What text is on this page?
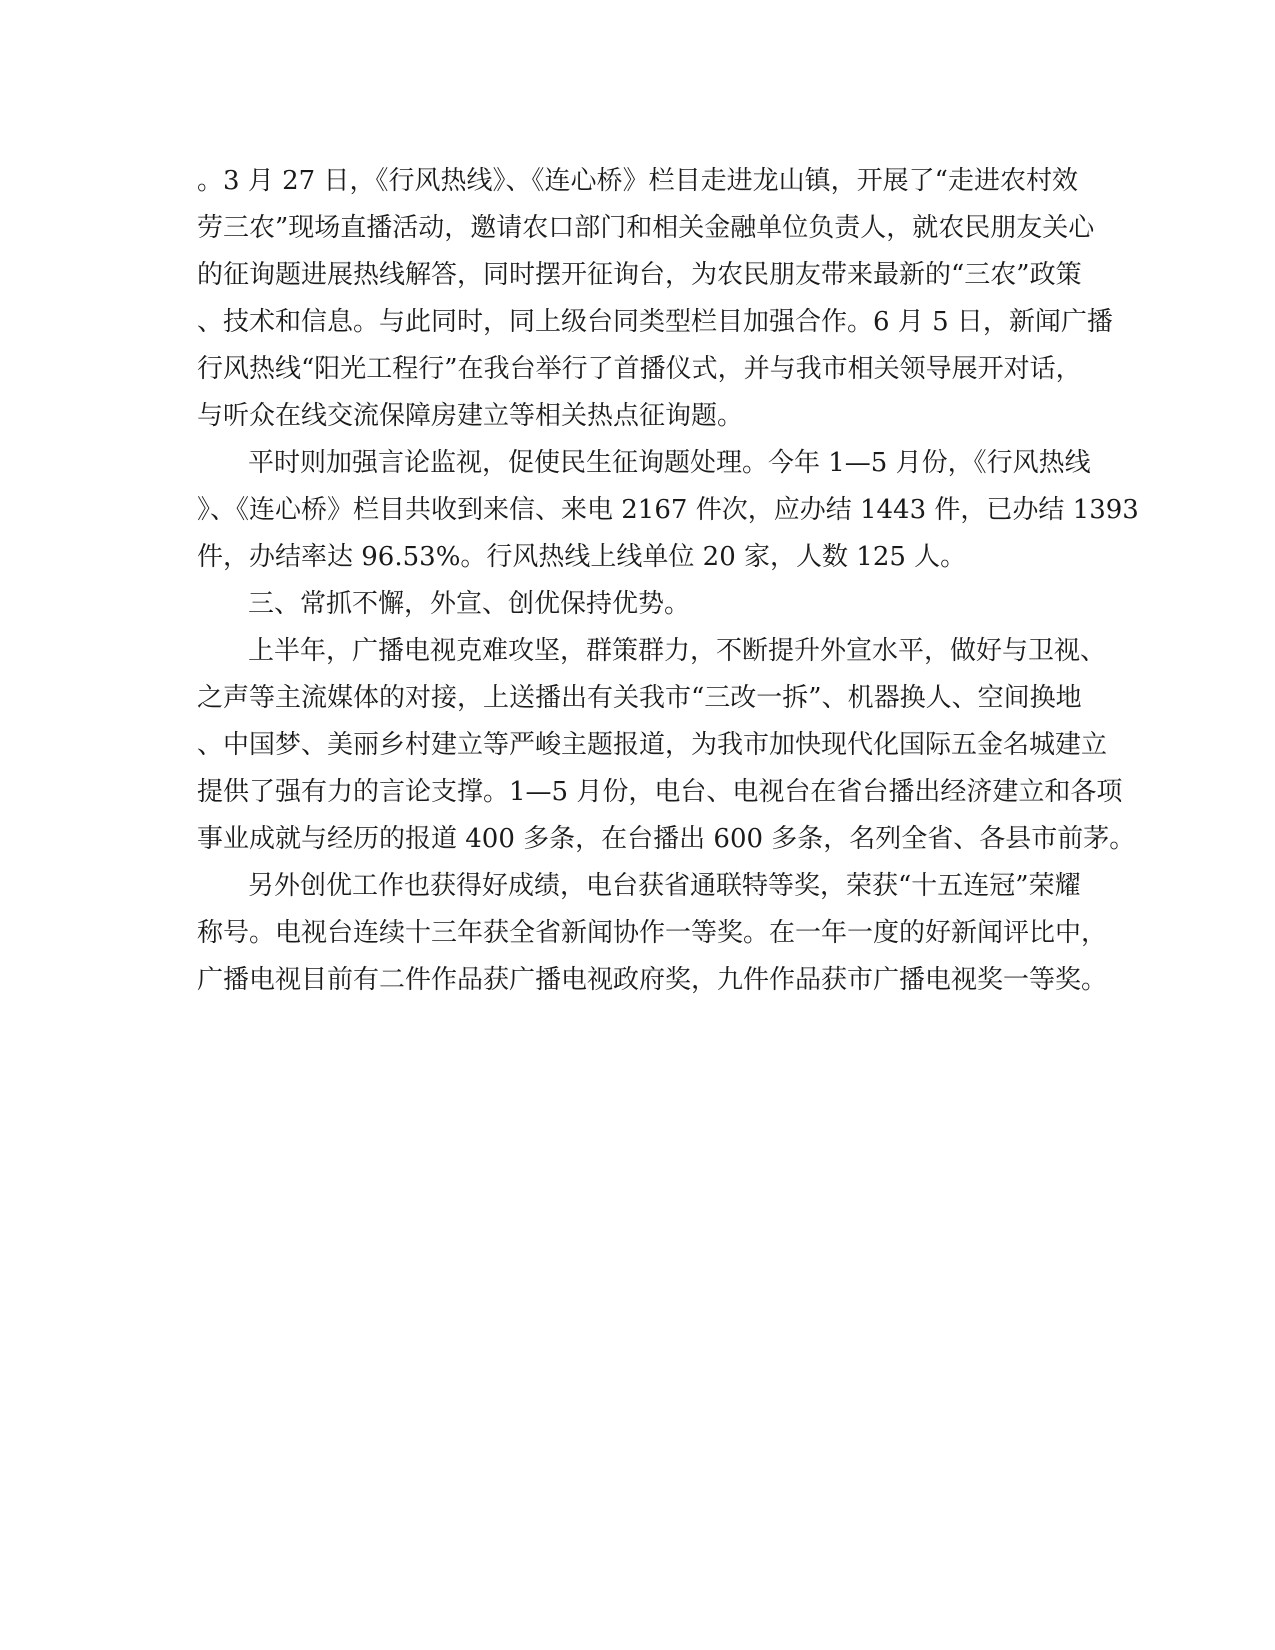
。3 月 27 日，《行风热线》、《连心桥》栏目走进龙山镇，开展了“走进农村效
劳三农”现场直播活动，邀请农口部门和相关金融单位负责人，就农民朋友关心
的征询题进展热线解答，同时摆开征询台，为农民朋友带来最新的“三农”政策
、技术和信息。与此同时，同上级台同类型栏目加强合作。6 月 5 日，新闻广播
行风热线“阳光工程行”在我台举行了首播仪式，并与我市相关领导展开对话，
与听众在线交流保障房建立等相关热点征询题。
平时则加强言论监视，促使民生征询题处理。今年 1—5 月份，《行风热线
》、《连心桥》栏目共收到来信、来电 2167 件次，应办结 1443 件，已办结 1393
件，办结率达 96.53%。行风热线上线单位 20 家，人数 125 人。
三、常抓不懈，外宣、创优保持优势。
上半年，广播电视克难攻坚，群策群力，不断提升外宣水平，做好与卫视、
之声等主流媒体的对接，上送播出有关我市“三改一拆”、机器换人、空间换地
、中国梦、美丽乡村建立等严峻主题报道，为我市加快现代化国际五金名城建立
提供了强有力的言论支撑。1—5 月份，电台、电视台在省台播出经济建立和各项
事业成就与经历的报道 400 多条，在台播出 600 多条，名列全省、各县市前茅。
另外创优工作也获得好成绩，电台获省通联特等奖，荣获“十五连冠”荣耀
称号。电视台连续十三年获全省新闻协作一等奖。在一年一度的好新闻评比中，
广播电视目前有二件作品获广播电视政府奖，九件作品获市广播电视奖一等奖。
